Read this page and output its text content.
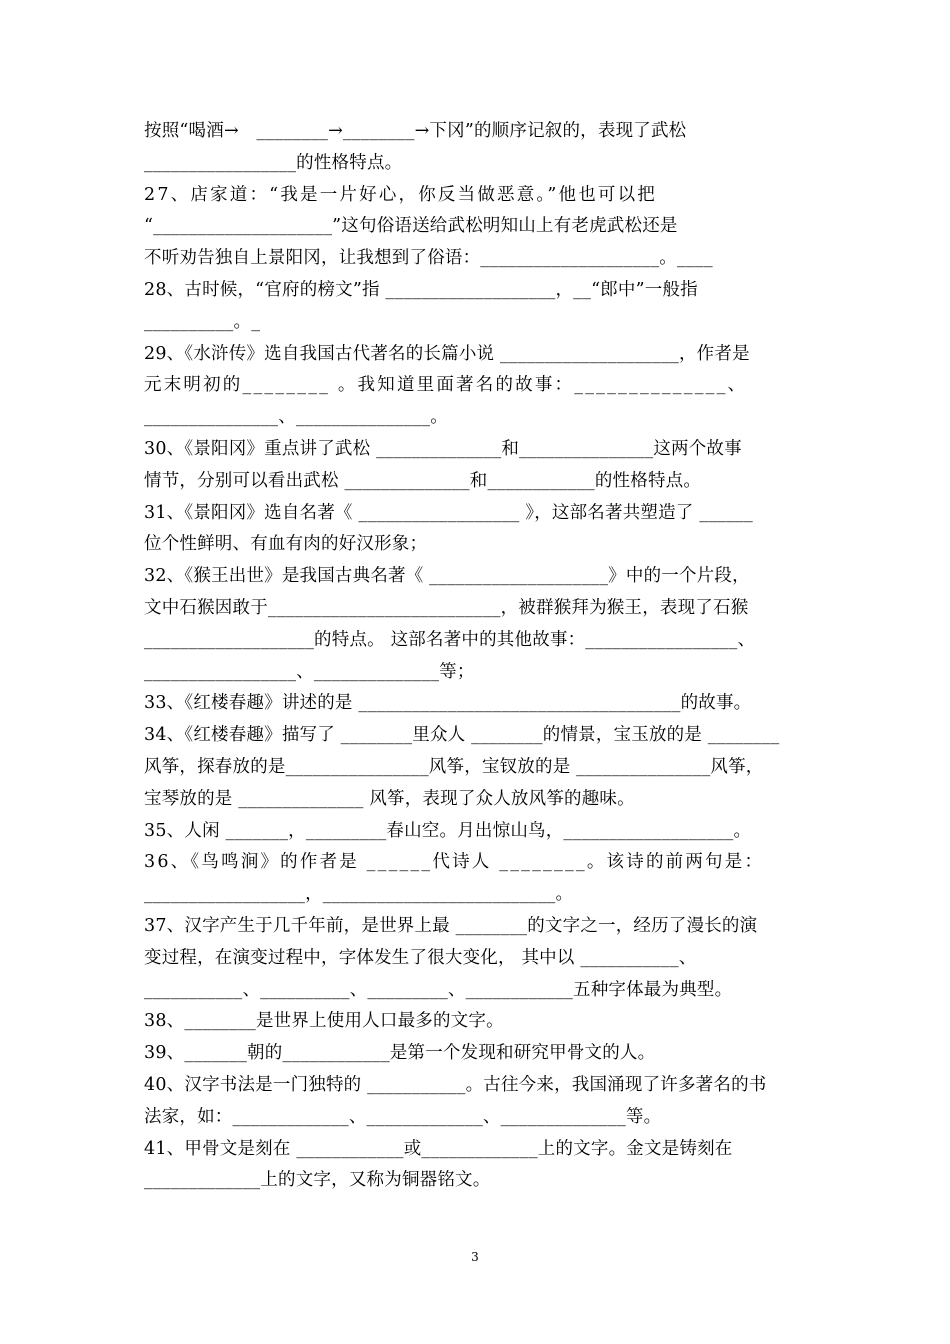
按照“喝酒→　________→________→下冈”的顺序记叙的，表现了武松
_________________的性格特点。
27、店家道：“我是一片好心，你反当做恶意。”他也可以把
“____________________”这句俗语送给武松明知山上有老虎武松还是
不听劝告独自上景阳冈，让我想到了俗语：____________________。____
28、古时候，“官府的榜文”指 ___________________，__“郎中”一般指
__________。_
29、《水浒传》选自我国古代著名的长篇小说 ____________________，作者是
元末明初的________ 。我知道里面著名的故事：______________、
_______________、_______________。
30、《景阳冈》重点讲了武松 ______________和_______________这两个故事
情节，分别可以看出武松 ______________和____________的性格特点。
31、《景阳冈》选自名著《 __________________ 》，这部名著共塑造了 ______
位个性鲜明、有血有肉的好汉形象；
32、《猴王出世》是我国古典名著《 ____________________》中的一个片段，
文中石猴因敢于__________________________，被群猴拜为猴王，表现了石猴
___________________的特点。 这部名著中的其他故事：_________________、
_________________、______________等；
33、《红楼春趣》讲述的是 ____________________________________的故事。
34、《红楼春趣》描写了 ________里众人 ________的情景，宝玉放的是 ________
风筝，探春放的是________________风筝，宝钗放的是 _______________风筝，
宝琴放的是 ______________ 风筝，表现了众人放风筝的趣味。
35、人闲 _______，_________春山空。月出惊山鸟，___________________。
36、《鸟鸣涧》的作者是 ______代诗人 ________。该诗的前两句是：
__________________，__________________________。
37、汉字产生于几千年前，是世界上最 ________的文字之一，经历了漫长的演
变过程，在演变过程中，字体发生了很大变化， 其中以 ___________、
___________、__________、_________、____________五种字体最为典型。
38、________是世界上使用人口最多的文字。
39、_______朝的____________是第一个发现和研究甲骨文的人。
40、汉字书法是一门独特的 ___________。古往今来，我国涌现了许多著名的书
法家，如：_____________、_____________、______________等。
41、甲骨文是刻在 ____________或_____________上的文字。金文是铸刻在
_____________上的文字，又称为铜器铭文。
3
